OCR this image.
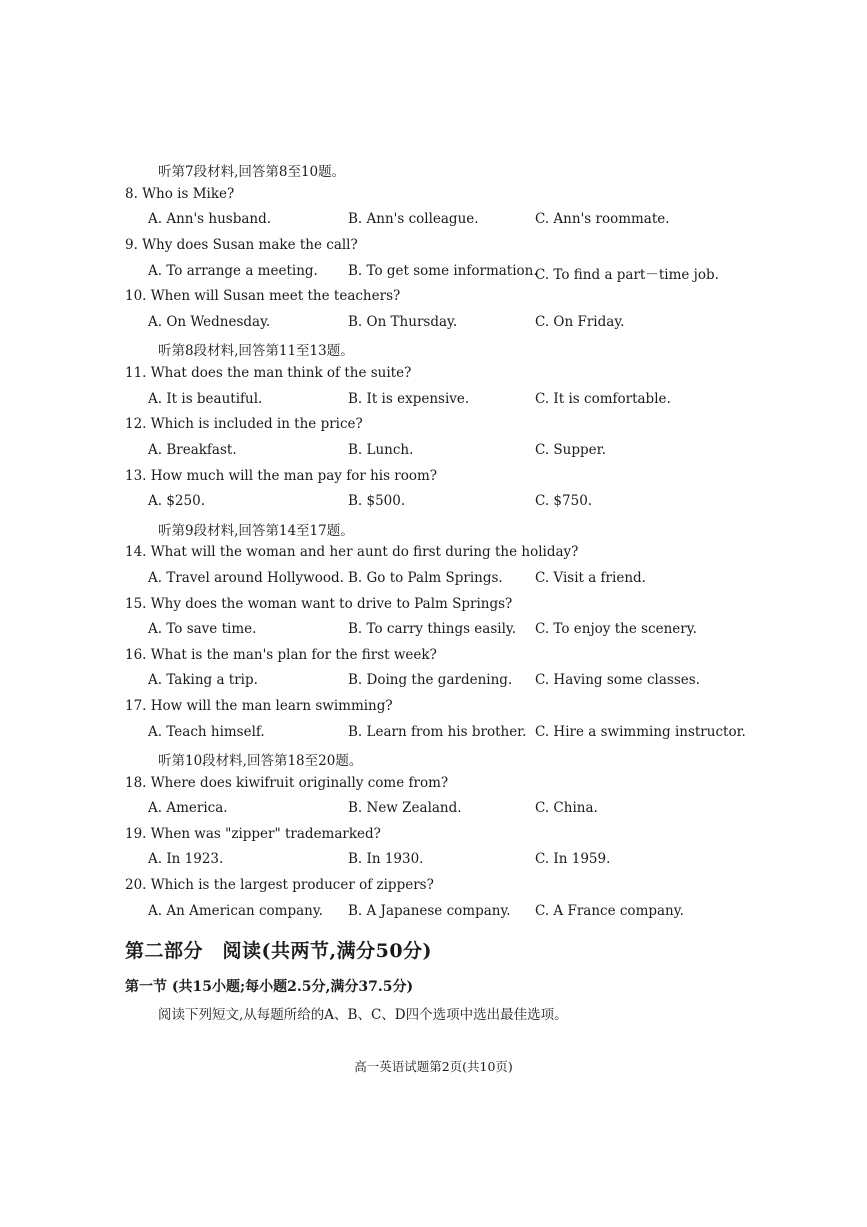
听第7段材料,回答第8至10题。
8. Who is Mike?
A. Ann's husband.	B. Ann's colleague.	C. Ann's roommate.
9. Why does Susan make the call?
A. To arrange a meeting. B. To get some information.
C. To find a part－time job.
10. When will Susan meet the teachers?
A. On Wednesday.	B. On Thursday.	C. On Friday.
听第8段材料,回答第11至13题。
11. What does the man think of the suite?
A. It is beautiful.	B. It is expensive.	C. It is comfortable.
12. Which is included in the price?
A. Breakfast.	B. Lunch.	C. Supper.
13. How much will the man pay for his room?
A. $250.	B. $500.	C. $750.
听第9段材料,回答第14至17题。
14. What will the woman and her aunt do first during the holiday?
A. Travel around Hollywood. B. Go to Palm Springs. C. Visit a friend.
15. Why does the woman want to drive to Palm Springs?
A. To save time.	B. To carry things easily. C. To enjoy the scenery.
16. What is the man's plan for the first week?
A. Taking a trip.	B. Doing the gardening. C. Having some classes.
17. How will the man learn swimming?
A. Teach himself.	B. Learn from his brother. C. Hire a swimming instructor.
听第10段材料,回答第18至20题。
18. Where does kiwifruit originally come from?
A. America.	B. New Zealand.	C. China.
19. When was "zipper" trademarked?
A. In 1923.	B. In 1930.	C. In 1959.
20. Which is the largest producer of zippers?
A. An American company. B. A Japanese company. C. A France company.
第二部分　阅读(共两节,满分50分)
第一节 (共15小题;每小题2.5分,满分37.5分)
阅读下列短文,从每题所给的A、B、C、D四个选项中选出最佳选项。
高一英语试题第2页(共10页)
